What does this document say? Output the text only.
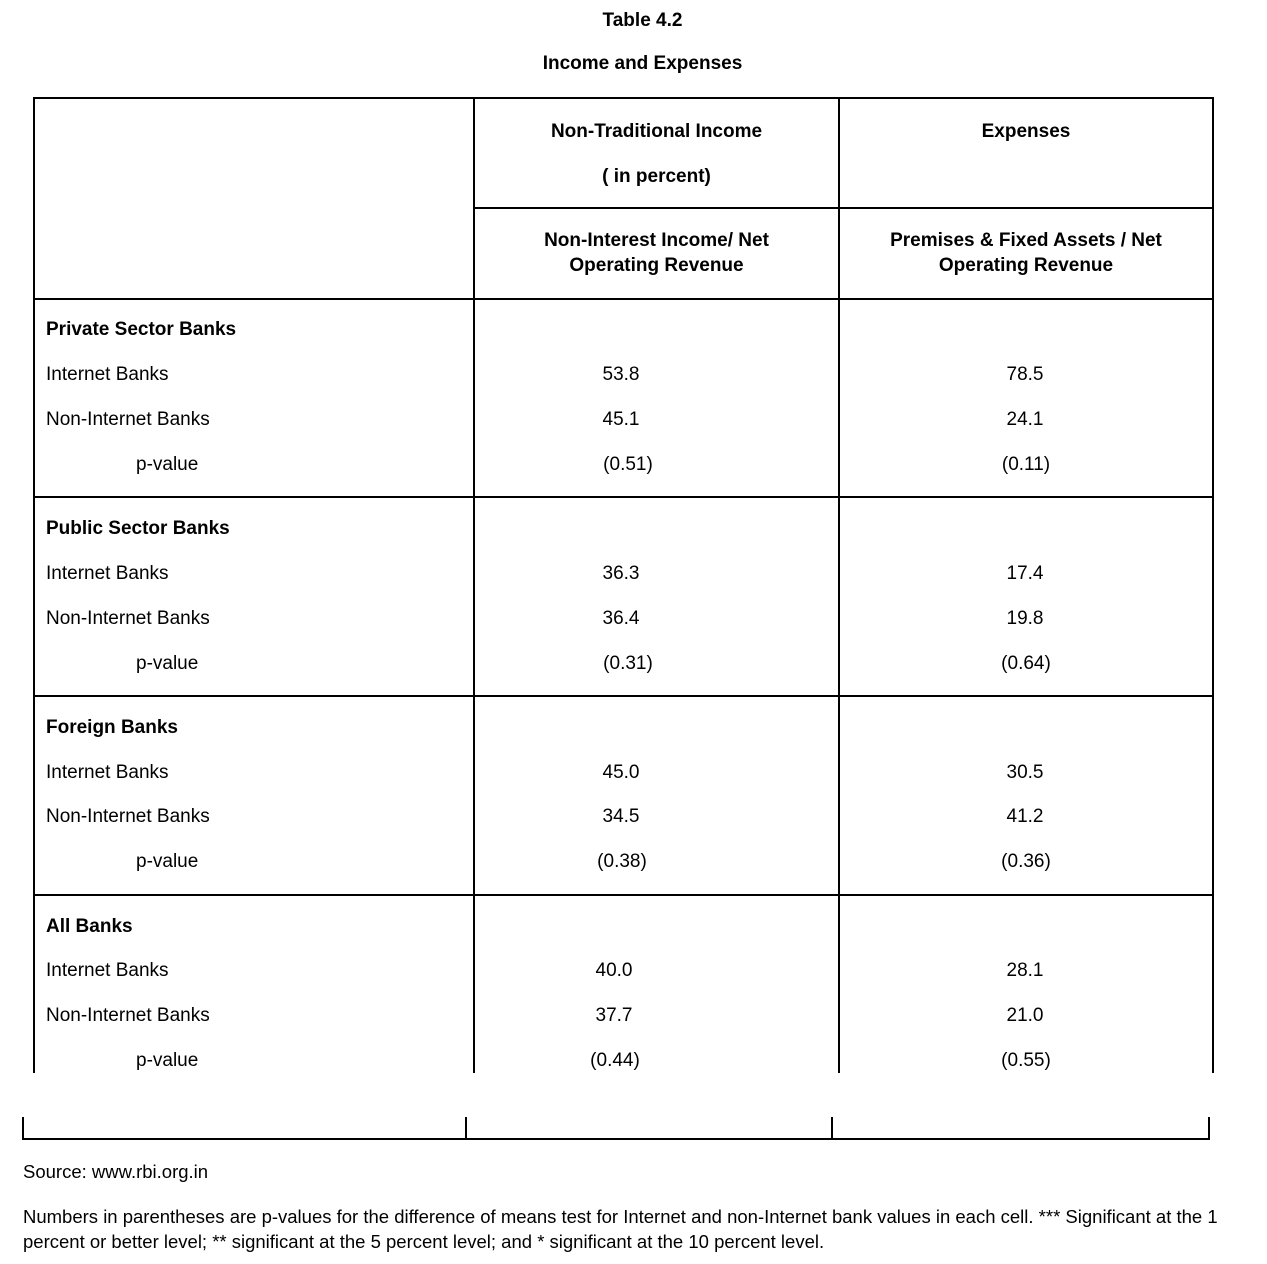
Table 4.2
Income and Expenses
Non-Traditional Income
( in percent)
Expenses
Non-Interest Income/ Net Operating Revenue
Premises & Fixed Assets / Net Operating Revenue
Private Sector Banks
Internet Banks
Non-Internet Banks
p-value
53.8
45.1
(0.51)
78.5
24.1
(0.11)
Public Sector Banks
Internet Banks
Non-Internet Banks
p-value
36.3
36.4
(0.31)
17.4
19.8
(0.64)
Foreign Banks
Internet Banks
Non-Internet Banks
p-value
45.0
34.5
(0.38)
30.5
41.2
(0.36)
All Banks
Internet Banks
Non-Internet Banks
p-value
40.0
37.7
(0.44)
28.1
21.0
(0.55)
Source: www.rbi.org.in
Numbers in parentheses are p-values for the difference of means test for Internet and non-Internet bank values in each cell. *** Significant at the 1 percent or better level; ** significant at the 5 percent level; and * significant at the 10 percent level.
